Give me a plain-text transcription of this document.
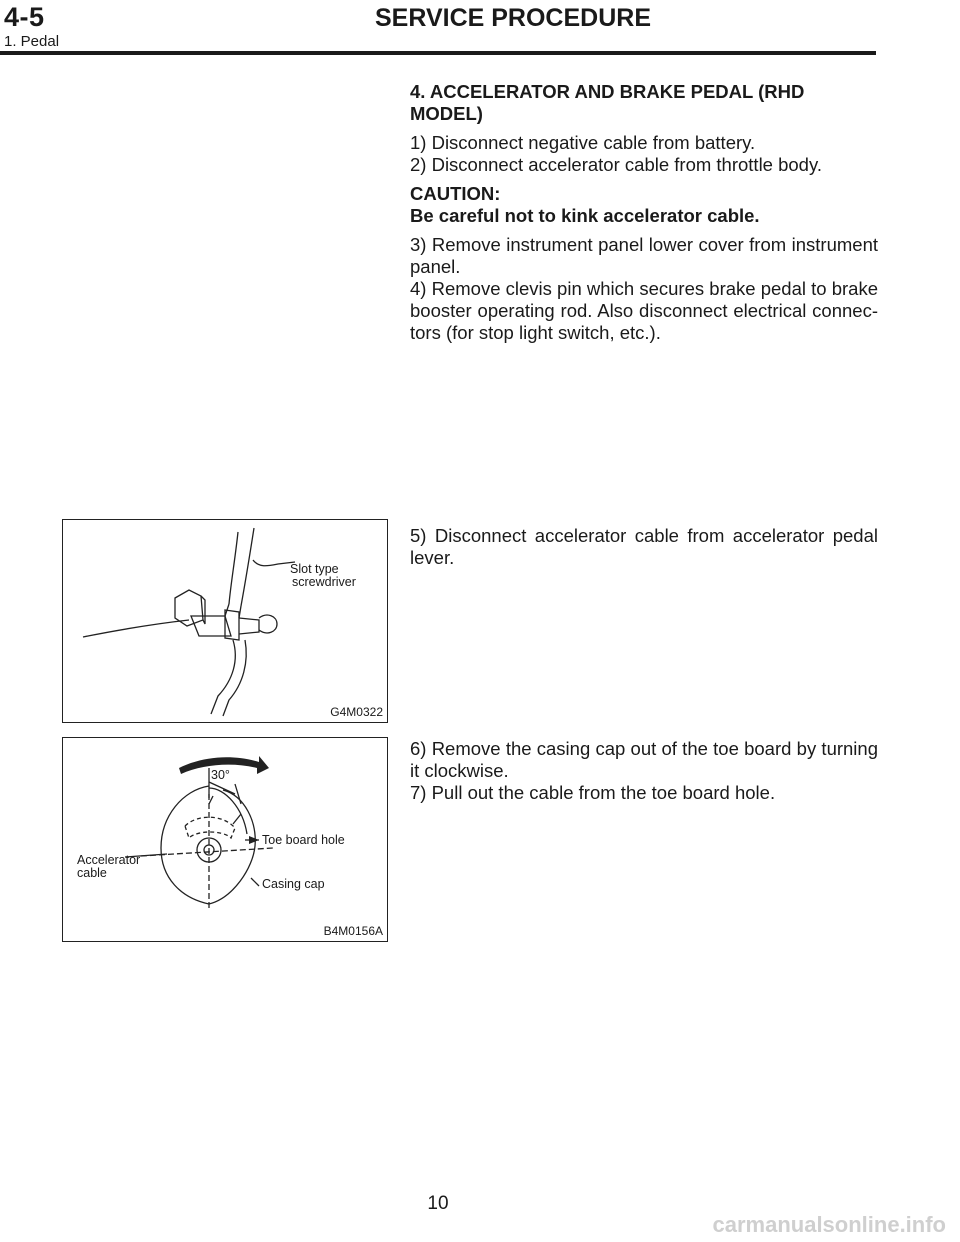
4-5	SERVICE PROCEDURE
1. Pedal

4. ACCELERATOR AND BRAKE PEDAL (RHD

MODEL)

1) Disconnect negative cable from battery.

2) Disconnect accelerator cable from throttle body.

CAUTION:

Be careful not to kink accelerator cable.

3) Remove instrument panel lower cover from instrument panel.

4) Remove clevis pin which secures brake pedal to brake booster operating rod. Also disconnect electrical connec- tors (for stop light switch, etc.).

Slot type
screwdriver
G4M0322
5) Disconnect accelerator cable from accelerator pedal lever.
30°
Toe board hole
Accelerator
cable
Casing cap
B4M0156A

6) Remove the casing cap out of the toe board by turning it clockwise.

7) Pull out the cable from the toe board hole.

10
carmanualsonline.info
